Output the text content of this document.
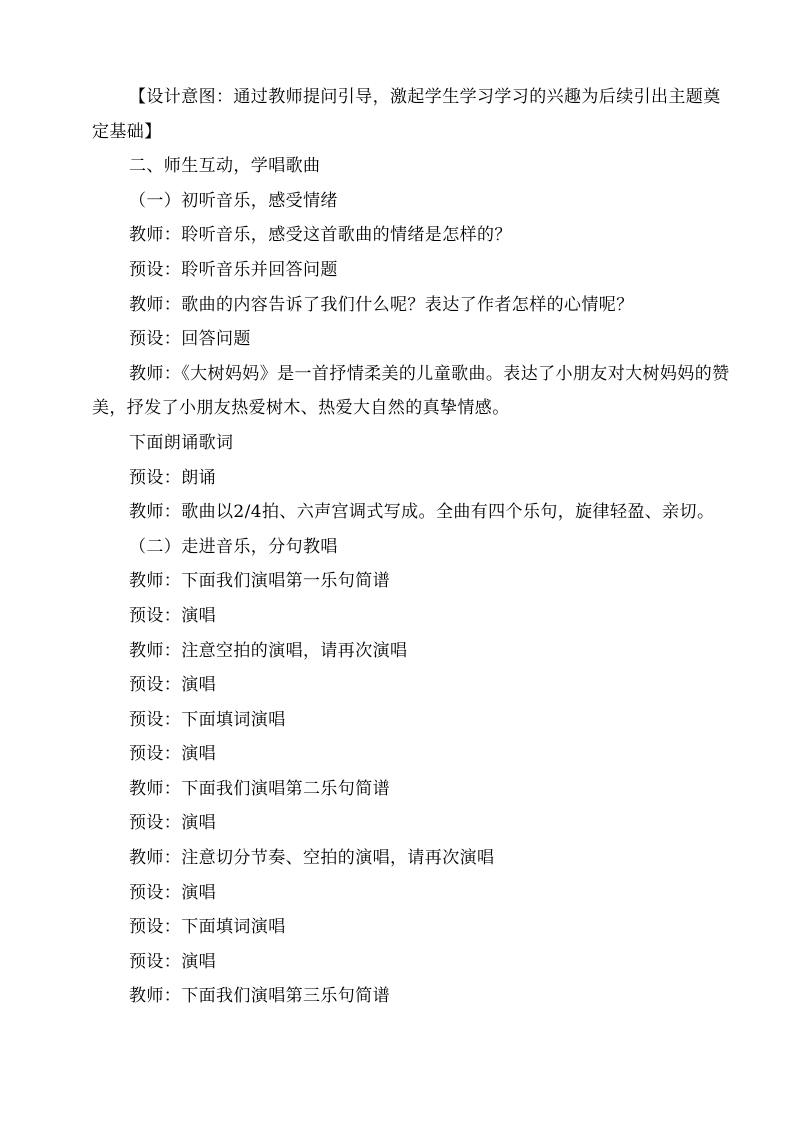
【设计意图：通过教师提问引导，激起学生学习学习的兴趣为后续引出主题奠定基础】

二、师生互动，学唱歌曲

（一）初听音乐，感受情绪

教师：聆听音乐，感受这首歌曲的情绪是怎样的？

预设：聆听音乐并回答问题

教师：歌曲的内容告诉了我们什么呢？表达了作者怎样的心情呢？

预设：回答问题

教师：《大树妈妈》是一首抒情柔美的儿童歌曲。表达了小朋友对大树妈妈的赞美，抒发了小朋友热爱树木、热爱大自然的真挚情感。

下面朗诵歌词

预设：朗诵

教师：歌曲以2/4拍、六声宫调式写成。全曲有四个乐句，旋律轻盈、亲切。

（二）走进音乐，分句教唱

教师：下面我们演唱第一乐句简谱

预设：演唱

教师：注意空拍的演唱，请再次演唱

预设：演唱

预设：下面填词演唱

预设：演唱

教师：下面我们演唱第二乐句简谱

预设：演唱

教师：注意切分节奏、空拍的演唱，请再次演唱

预设：演唱

预设：下面填词演唱

预设：演唱

教师：下面我们演唱第三乐句简谱
